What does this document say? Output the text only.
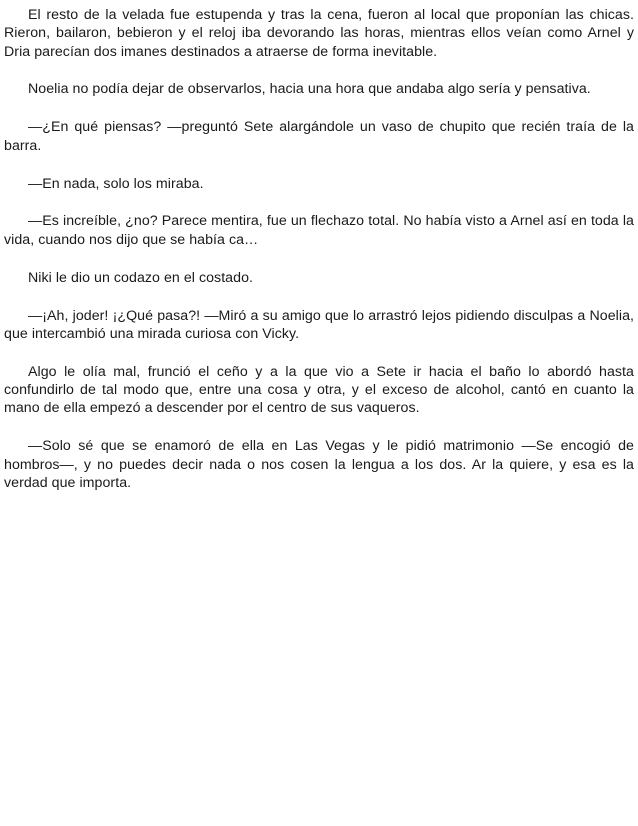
El resto de la velada fue estupenda y tras la cena, fueron al local que proponían las chicas. Rieron, bailaron, bebieron y el reloj iba devorando las horas, mientras ellos veían como Arnel y Dria parecían dos imanes destinados a atraerse de forma inevitable.

Noelia no podía dejar de observarlos, hacia una hora que andaba algo sería y pensativa.

—¿En qué piensas? —preguntó Sete alargándole un vaso de chupito que recién traía de la barra.

—En nada, solo los miraba.

—Es increíble, ¿no? Parece mentira, fue un flechazo total. No había visto a Arnel así en toda la vida, cuando nos dijo que se había ca…

Niki le dio un codazo en el costado.

—¡Ah, joder! ¡¿Qué pasa?! —Miró a su amigo que lo arrastró lejos pidiendo disculpas a Noelia, que intercambió una mirada curiosa con Vicky.

Algo le olía mal, frunció el ceño y a la que vio a Sete ir hacia el baño lo abordó hasta confundirlo de tal modo que, entre una cosa y otra, y el exceso de alcohol, cantó en cuanto la mano de ella empezó a descender por el centro de sus vaqueros.

—Solo sé que se enamoró de ella en Las Vegas y le pidió matrimonio —Se encogió de hombros—, y no puedes decir nada o nos cosen la lengua a los dos. Ar la quiere, y esa es la verdad que importa.
